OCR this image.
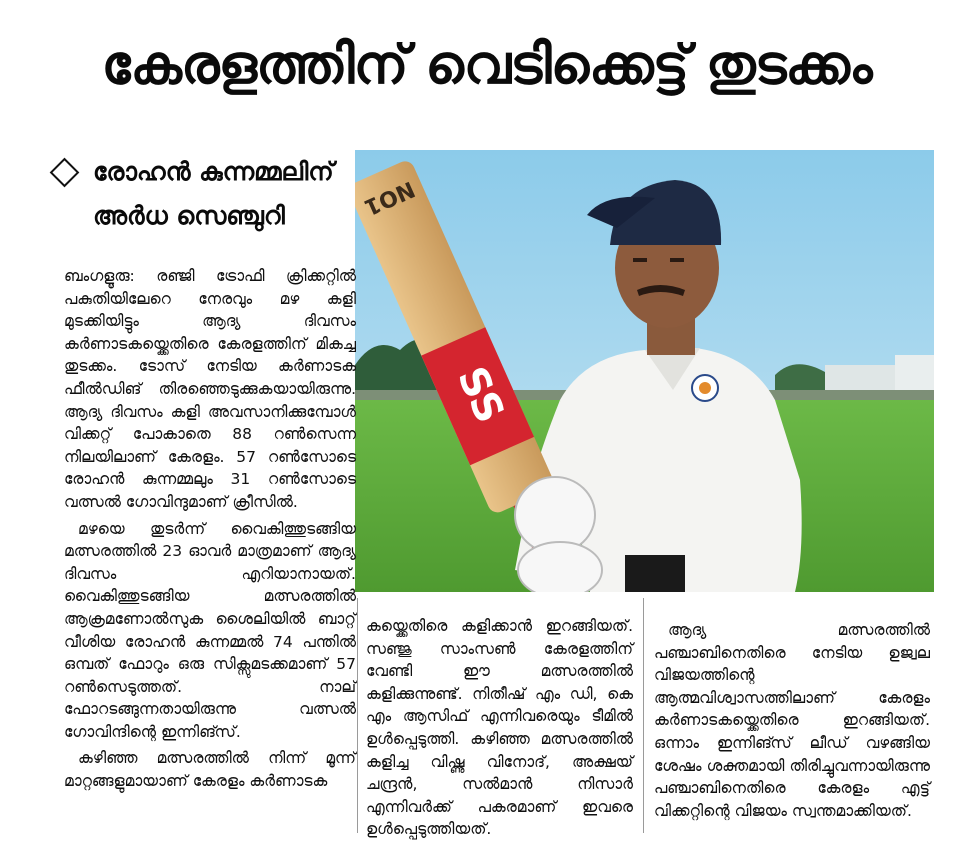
കേരളത്തിന് വെടിക്കെട്ട് തുടക്കം
രോഹൻ കുന്നമ്മലിന്
അർധ സെഞ്ചുറി
SS
NO1

ബംഗളൂരു: രഞ്ജി ട്രോഫി ക്രിക്കറ്റിൽ പകുതിയിലേറെ നേരവും മഴ കളി മുടക്കിയിട്ടും ആദ്യ ദിവസം കർണാടകയ്ക്കെതിരെ കേരളത്തിന് മികച്ച തുടക്കം. ടോസ് നേടിയ കർണാടക ഫീൽഡിങ് തിരഞ്ഞെടുക്കുകയായിരുന്നു. ആദ്യ ദിവസം കളി അവസാനിക്കുമ്പോൾ വിക്കറ്റ് പോകാതെ 88 റൺസെന്ന നിലയിലാണ് കേരളം. 57 റൺസോടെ രോഹൻ കുന്നമ്മലും 31 റൺസോടെ വത്സൽ ഗോവിന്ദുമാണ് ക്രീസിൽ.

മഴയെ തുടർന്ന് വൈകിത്തുടങ്ങിയ മത്സരത്തിൽ 23 ഓവർ മാത്രമാണ് ആദ്യ ദിവസം എറിയാനായത്. വൈകിത്തുടങ്ങിയ മത്സരത്തിൽ ആക്രമണോൽസുക ശൈലിയിൽ ബാറ്റ് വീശിയ രോഹൻ കുന്നമ്മൽ 74 പന്തിൽ ഒമ്പത് ഫോറും ഒരു സിക്സുമടക്കമാണ് 57 റൺസെടുത്തത്. നാല് ഫോറടങ്ങുന്നതായിരുന്നു വത്സൽ ഗോവിന്ദിന്റെ ഇന്നിങ്സ്.

കഴിഞ്ഞ മത്സരത്തിൽ നിന്ന് മൂന്ന് മാറ്റങ്ങളുമായാണ് കേരളം കർണാടക

കയ്ക്കെതിരെ കളിക്കാൻ ഇറങ്ങിയത്. സഞ്ജു സാംസൺ കേരളത്തിന് വേണ്ടി ഈ മത്സരത്തിൽ കളിക്കുന്നുണ്ട്. നിതീഷ് എം ഡി, കെ എം ആസിഫ് എന്നിവരെയും ടീമിൽ ഉൾപ്പെടുത്തി. കഴിഞ്ഞ മത്സരത്തിൽ കളിച്ച വിഷ്ണു വിനോദ്, അക്ഷയ് ചന്ദ്രൻ, സൽമാൻ നിസാർ എന്നിവർക്ക് പകരമാണ് ഇവരെ ഉൾപ്പെടുത്തിയത്.

ആദ്യ മത്സരത്തിൽ പഞ്ചാബിനെതിരെ നേടിയ ഉജ്വല വിജയത്തിന്റെ ആത്മവിശ്വാസത്തിലാണ് കേരളം കർണാടകയ്ക്കെതിരെ ഇറങ്ങിയത്. ഒന്നാം ഇന്നിങ്സ് ലീഡ് വഴങ്ങിയ ശേഷം ശക്തമായി തിരിച്ചുവന്നായിരുന്നു പഞ്ചാബിനെതിരെ കേരളം എട്ട് വിക്കറ്റിന്റെ വിജയം സ്വന്തമാക്കിയത്.
